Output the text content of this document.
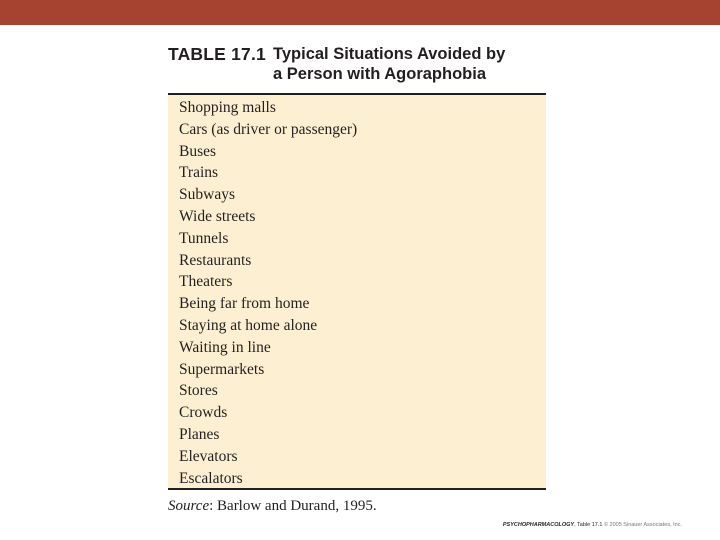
TABLE 17.1 Typical Situations Avoided by
a Person with Agoraphobia
Shopping malls
Cars (as driver or passenger)
Buses
Trains
Subways
Wide streets
Tunnels
Restaurants
Theaters
Being far from home
Staying at home alone
Waiting in line
Supermarkets
Stores
Crowds
Planes
Elevators
Escalators
Source: Barlow and Durand, 1995.
PSYCHOPHARMACOLOGY, Table 17.1 © 2005 Sinauer Associates, Inc.
